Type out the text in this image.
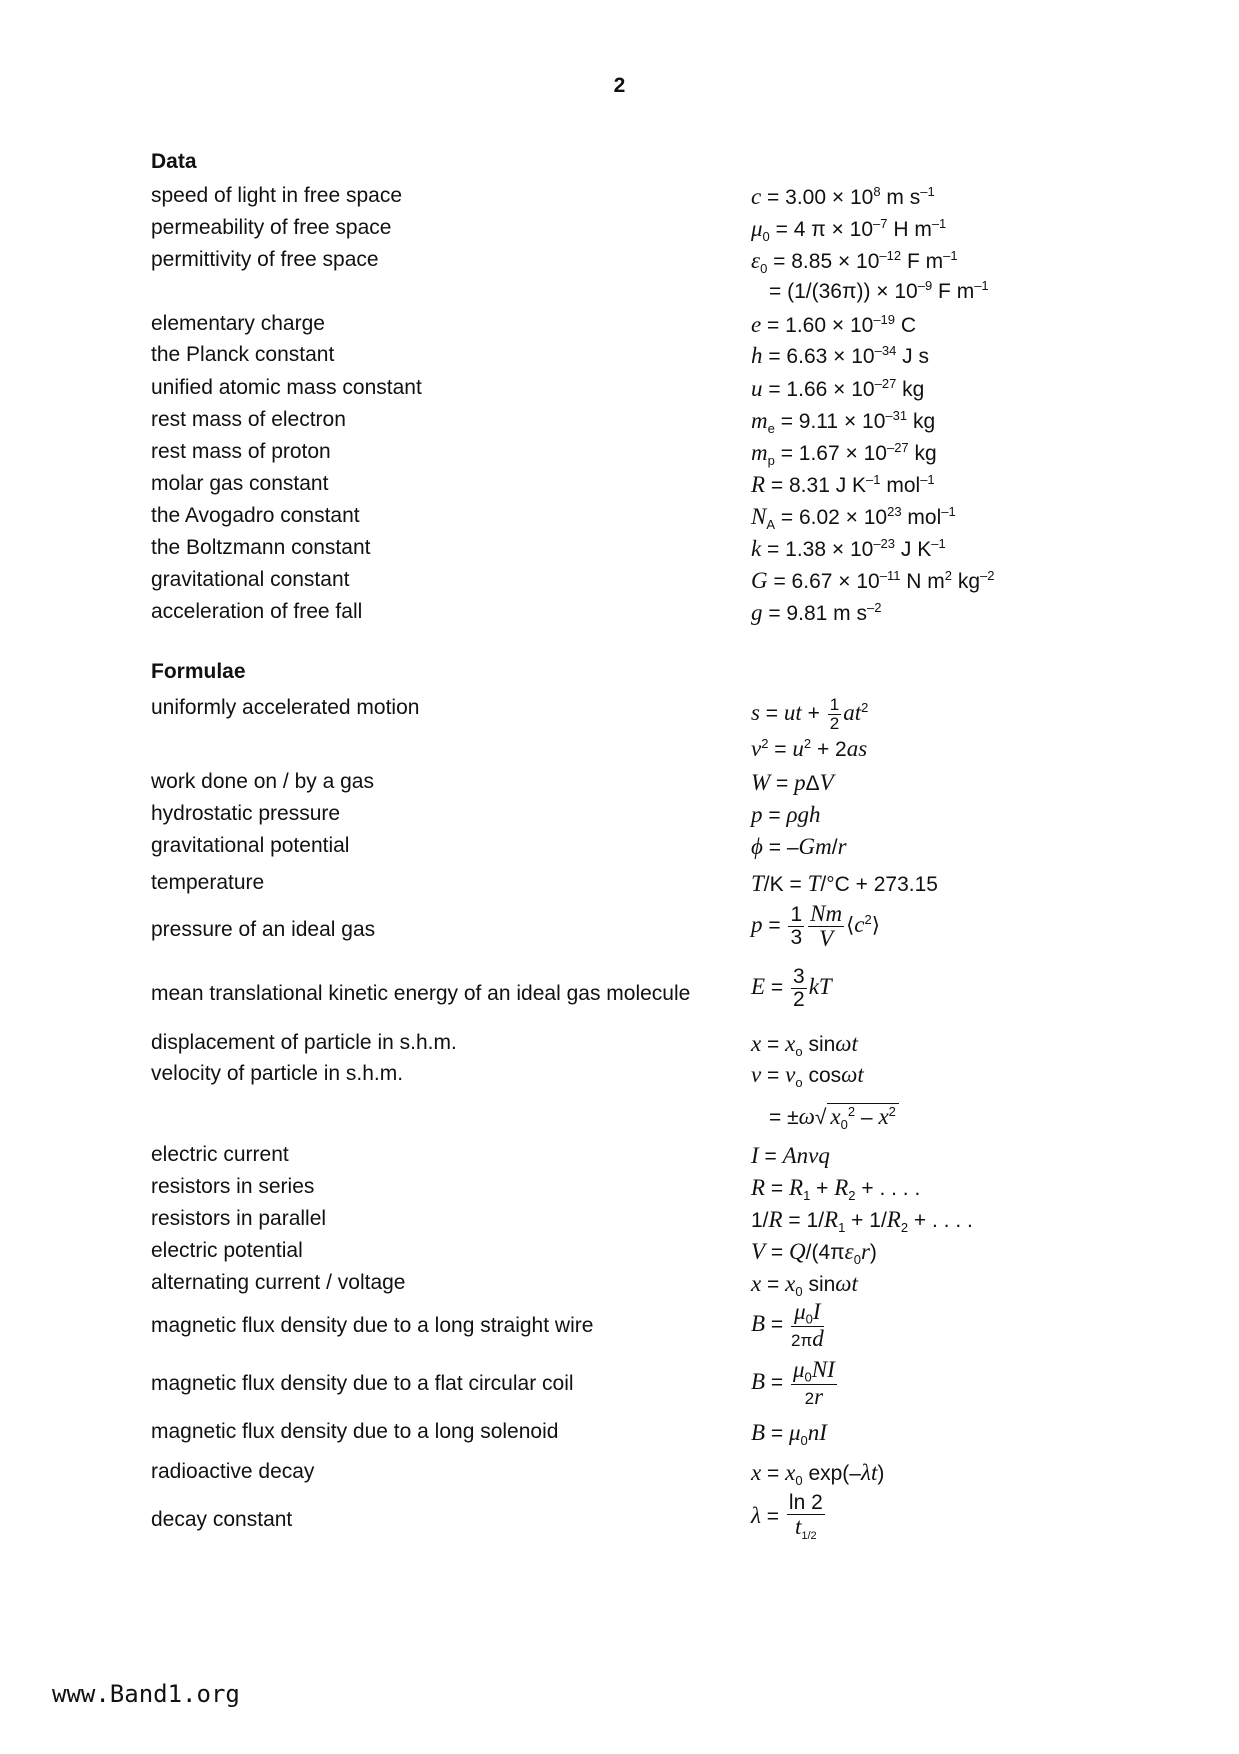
2
Data
speed of light in free space	$c = 3.00 \times 10^8$ m $s^{-1}$
permeability of free space	$\mu_0 = 4$ $\pi \times 10^{-7}$ H $m^{-1}$
permittivity of free space	$\varepsilon_0 = 8.85 \times 10^{-12}$ F $m^{-1}$
= $(1/(36\pi)) \times 10^{-9}$ F $m^{-1}$
elementary charge	$e = 1.60 \times 10^{-19}$ C
the Planck constant	$h = 6.63 \times 10^{-34}$ J s
unified atomic mass constant	$u = 1.66 \times 10^{-27}$ kg
rest mass of electron	$m_e = 9.11 \times 10^{-31}$ kg
rest mass of proton	$m_p = 1.67 \times 10^{-27}$ kg
molar gas constant	R = 8.31 J $K^{-1}$ mol$^{-1}$
the Avogadro constant	$N_A = 6.02 \times 10^{23}$ mol$^{-1}$
the Boltzmann constant	$k = 1.38 \times 10^{-23}$ J $K^{-1}$
gravitational constant	$G = 6.67 \times 10^{-11}$ N $m^2$ $kg^{-2}$
acceleration of free fall	g = 9.81 m $s^{-2}$
Formulae
uniformly accelerated motion	s = ut + $\frac{1}{2} at^2$
$v^2 = u^2 + 2as$
work done on / by a gas	W = pΔV
hydrostatic pressure	p = ρgh
gravitational potential	ϕ = –Gm/r
temperature	T/K = T/°C + 273.15
pressure of an ideal gas	$p = \frac{1}{3} \frac{Nm}{V}$ $⟨c^2⟩$
mean translational kinetic energy of an ideal gas molecule	$E = \frac{3}{2}$ kT
displacement of particle in s.h.m.	$x = x_o$ sinωt
velocity of particle in s.h.m.	$v = v_o$ cosωt
= ±ω√ $x_0^2 - x^2$
electric current	I = Anvq
resistors in series	$R = R_1 + R_2$ + . . . .
resistors in parallel	$1/R = 1/R_1 + 1/R_2$ + . . . .
electric potential	$V = Q/(4\pi\varepsilon_0r)$
alternating current / voltage	$x = x_0$ sinωt
magnetic flux density due to a long straight wire	$B = \frac{\mu_0I}{2\pi d}$
magnetic flux density due to a flat circular coil	$B = \frac{\mu_0NI}{2r}$
magnetic flux density due to a long solenoid	$B = \mu_0nI$
radioactive decay	$x = x_0$ exp(–λt)
decay constant	$\lambda = \frac{\ln 2}{t_{1/2}}$
www.Band1.org
